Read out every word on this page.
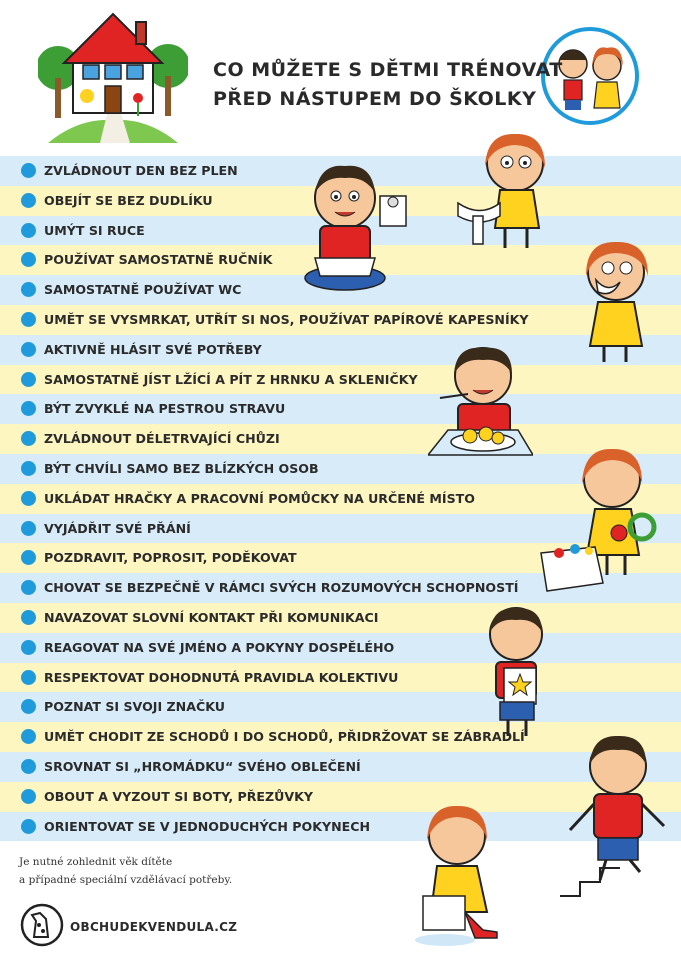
CO MŮŽETE S DĚTMI TRÉNOVAT
PŘED NÁSTUPEM DO ŠKOLKY
ZVLÁDNOUT DEN BEZ PLEN
OBEJÍT SE BEZ DUDLÍKU
UMÝT SI RUCE
POUŽÍVAT SAMOSTATNĚ RUČNÍK
SAMOSTATNĚ POUŽÍVAT WC
UMĚT SE VYSMRKAT, UTŘÍT SI NOS, POUŽÍVAT PAPÍROVÉ KAPESNÍKY
AKTIVNĚ HLÁSIT SVÉ POTŘEBY
SAMOSTATNĚ JÍST LŽÍCÍ A PÍT Z HRNKU A SKLENIČKY
BÝT ZVYKLÉ NA PESTROU STRAVU
ZVLÁDNOUT DÉLETRVAJÍCÍ CHŮZI
BÝT CHVÍLI SAMO BEZ BLÍZKÝCH OSOB
UKLÁDAT HRAČKY A PRACOVNÍ POMŮCKY NA URČENÉ MÍSTO
VYJÁDŘIT SVÉ PŘÁNÍ
POZDRAVIT, POPROSIT, PODĚKOVAT
CHOVAT SE BEZPEČNĚ V RÁMCI SVÝCH ROZUMOVÝCH SCHOPNOSTÍ
NAVAZOVAT SLOVNÍ KONTAKT PŘI KOMUNIKACI
REAGOVAT NA SVÉ JMÉNO A POKYNY DOSPĚLÉHO
RESPEKTOVAT DOHODNUTÁ PRAVIDLA KOLEKTIVU
POZNAT SI SVOJI ZNAČKU
UMĚT CHODIT ZE SCHODŮ I DO SCHODŮ, PŘIDRŽOVAT SE ZÁBRADLÍ
SROVNAT SI „HROMÁDKU“ SVÉHO OBLEČENÍ
OBOUT A VYZOUT SI BOTY, PŘEZŮVKY
ORIENTOVAT SE V JEDNODUCHÝCH POKYNECH
Je nutné zohlednit věk dítěte
a případné speciální vzdělávací potřeby.
OBCHUDEKVENDULA.CZ
